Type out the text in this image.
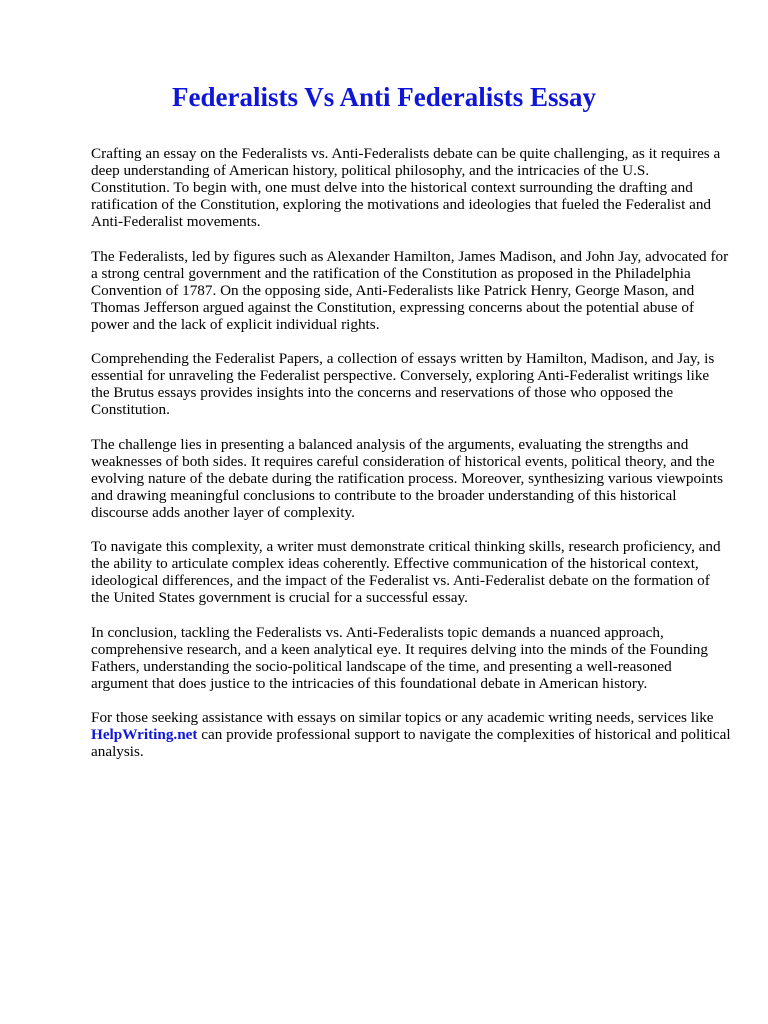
Federalists Vs Anti Federalists Essay

Crafting an essay on the Federalists vs. Anti-Federalists debate can be quite challenging, as it requires a deep understanding of American history, political philosophy, and the intricacies of the U.S. Constitution. To begin with, one must delve into the historical context surrounding the drafting and ratification of the Constitution, exploring the motivations and ideologies that fueled the Federalist and Anti-Federalist movements.

The Federalists, led by figures such as Alexander Hamilton, James Madison, and John Jay, advocated for a strong central government and the ratification of the Constitution as proposed in the Philadelphia Convention of 1787. On the opposing side, Anti-Federalists like Patrick Henry, George Mason, and Thomas Jefferson argued against the Constitution, expressing concerns about the potential abuse of power and the lack of explicit individual rights.

Comprehending the Federalist Papers, a collection of essays written by Hamilton, Madison, and Jay, is essential for unraveling the Federalist perspective. Conversely, exploring Anti-Federalist writings like the Brutus essays provides insights into the concerns and reservations of those who opposed the Constitution.

The challenge lies in presenting a balanced analysis of the arguments, evaluating the strengths and weaknesses of both sides. It requires careful consideration of historical events, political theory, and the evolving nature of the debate during the ratification process. Moreover, synthesizing various viewpoints and drawing meaningful conclusions to contribute to the broader understanding of this historical discourse adds another layer of complexity.

To navigate this complexity, a writer must demonstrate critical thinking skills, research proficiency, and the ability to articulate complex ideas coherently. Effective communication of the historical context, ideological differences, and the impact of the Federalist vs. Anti-Federalist debate on the formation of the United States government is crucial for a successful essay.

In conclusion, tackling the Federalists vs. Anti-Federalists topic demands a nuanced approach, comprehensive research, and a keen analytical eye. It requires delving into the minds of the Founding Fathers, understanding the socio-political landscape of the time, and presenting a well-reasoned argument that does justice to the intricacies of this foundational debate in American history.

For those seeking assistance with essays on similar topics or any academic writing needs, services like HelpWriting.net can provide professional support to navigate the complexities of historical and political analysis.
